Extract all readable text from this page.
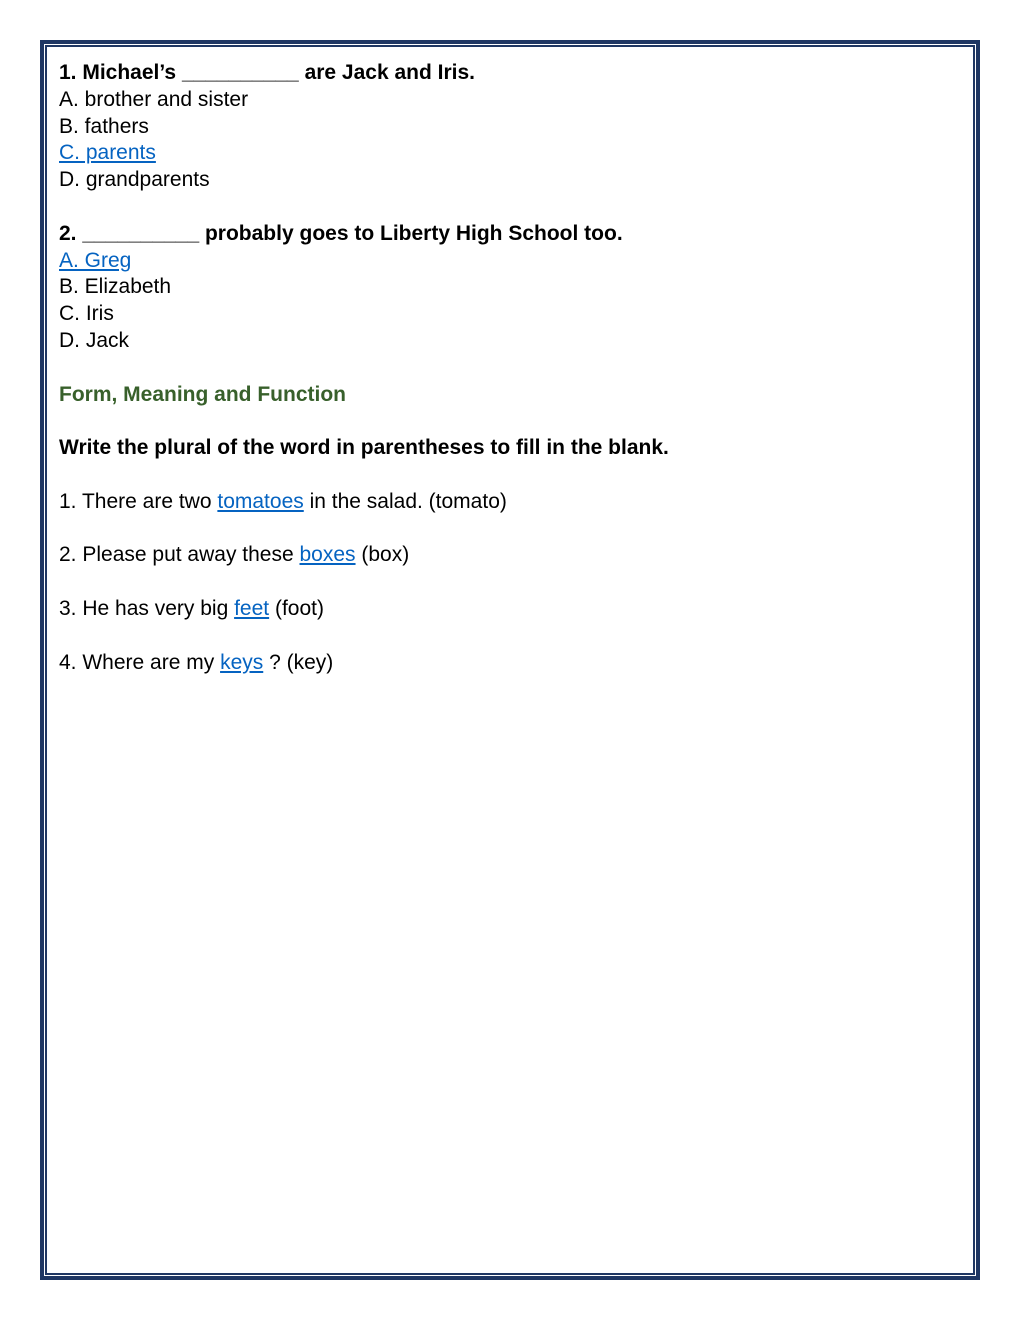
1. Michael’s __________ are Jack and Iris.
A. brother and sister
B. fathers
C. parents
D. grandparents
2. __________ probably goes to Liberty High School too.
A. Greg
B. Elizabeth
C. Iris
D. Jack
Form, Meaning and Function
Write the plural of the word in parentheses to fill in the blank.
1. There are two tomatoes in the salad. (tomato)
2. Please put away these boxes (box)
3. He has very big feet (foot)
4. Where are my keys ? (key)
